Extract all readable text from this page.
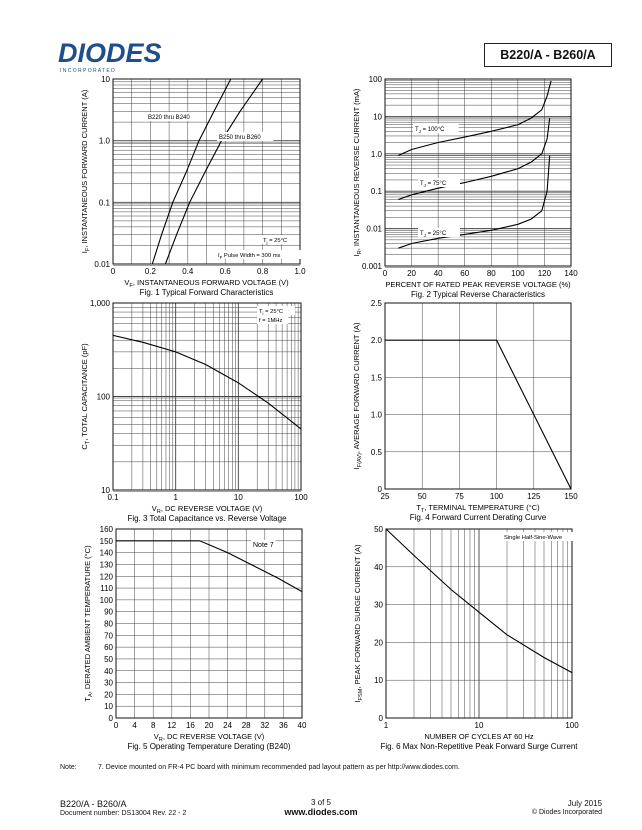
DIODES
I N C O R P O R A T E D
B220/A - B260/A
0	0.2	0.4	0.6	0.8	1.0
0.01
0.1
1.0
10
$V_F$, INSTANTANEOUS FORWARD VOLTAGE (V)
$I_F$, INSTANTANEOUS FORWARD CURRENT (A)
Fig. 1 Typical Forward Characteristics
B220 thru B240
B250 thru B260
$T_j = 25^\circ C$
$I_F$ Pulse Width = 300 ms
0 20 40 60 80 100 120 140
0.001
0.01
0.1
1.0
10
100
PERCENT OF RATED PEAK REVERSE VOLTAGE (%)
$I_R$, INSTANTANEOUS REVERSE CURRENT (mA)
Fig. 2 Typical Reverse Characteristics
$T_J = 100^\circ C$
$T_J = 75^\circ C$
$T_J = 25^\circ C$
0.1	1	10	100
10
100
1,000
$V_R$, DC REVERSE VOLTAGE (V)
$C_T$, TOTAL CAPACITANCE (pF)
Fig. 3 Total Capacitance vs. Reverse Voltage
$T_j = 25^\circ C$
f = 1MHz
25	50	75	100	125	150
0
0.5
1.0
1.5
2.0
2.5
$T_T$, TERMINAL TEMPERATURE (°C)
$I_{F(AV)}$, AVERAGE FORWARD CURRENT (A)
Fig. 4 Forward Current Derating Curve
0 4 8 12 16 20 24 28 32 36 40
0
10
20
30
40
50
60
70
80
90
100
110
120
130
140
150
160
$V_R$, DC REVERSE VOLTAGE (V)
$T_A$, DERATED AMBIENT TEMPERATURE (°C)
Fig. 5 Operating Temperature Derating (B240)
Note 7
1	10	100
0
10
20
30
40
50
NUMBER OF CYCLES AT 60 Hz
$I_{FSM}$, PEAK FORWARD SURGE CURRENT (A)
Fig. 6 Max Non-Repetitive Peak Forward Surge Current
Single Half-Sine-Wave
Note:	7. Device mounted on FR-4 PC board with minimum recommended pad layout pattern as per http://www.diodes.com.
B220/A - B260/A
Document number: DS13004 Rev. 22 - 2
3 of 5
www.diodes.com
July 2015
© Diodes Incorporated
